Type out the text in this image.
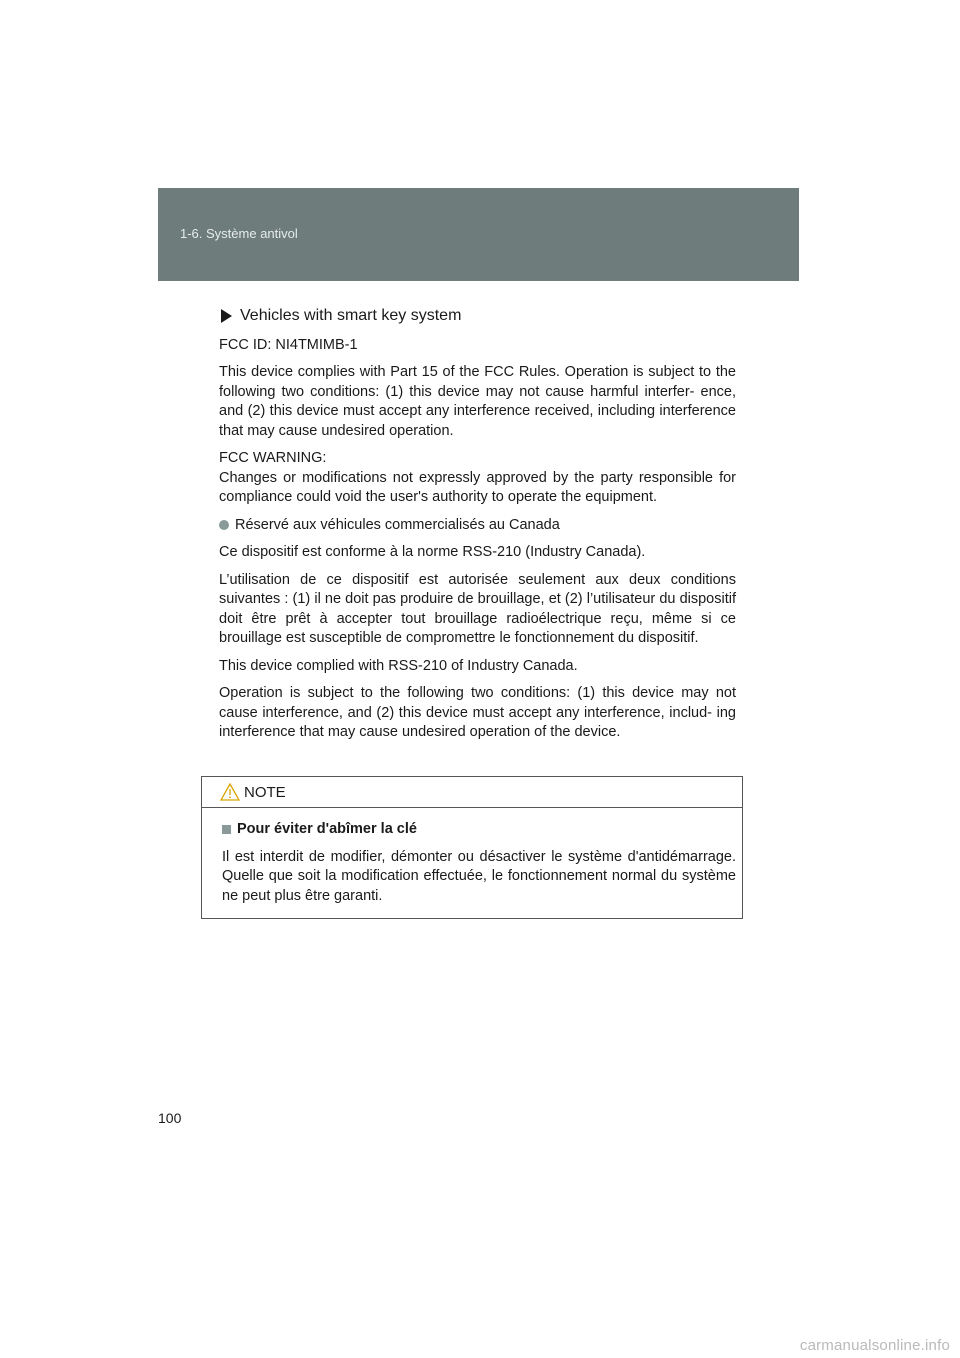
1-6. Système antivol

Vehicles with smart key system

FCC ID: NI4TMIMB-1

This device complies with Part 15 of the FCC Rules. Operation is subject to the following two conditions: (1) this device may not cause harmful interfer- ence, and (2) this device must accept any interference received, including interference that may cause undesired operation.

FCC WARNING:
Changes or modifications not expressly approved by the party responsible for compliance could void the user's authority to operate the equipment.

Réservé aux véhicules commercialisés au Canada

Ce dispositif est conforme à la norme RSS-210 (Industry Canada).

L’utilisation de ce dispositif est autorisée seulement aux deux conditions suivantes : (1) il ne doit pas produire de brouillage, et (2) l’utilisateur du dispositif doit être prêt à accepter tout brouillage radioélectrique reçu, même si ce brouillage est susceptible de compromettre le fonctionnement du dispositif.

This device complied with RSS-210 of Industry Canada.

Operation is subject to the following two conditions: (1) this device may not cause interference, and (2) this device must accept any interference, includ- ing interference that may cause undesired operation of the device.

NOTE

Pour éviter d'abîmer la clé

Il est interdit de modifier, démonter ou désactiver le système d'antidémarrage. Quelle que soit la modification effectuée, le fonctionnement normal du système ne peut plus être garanti.

100
carmanualsonline.info
